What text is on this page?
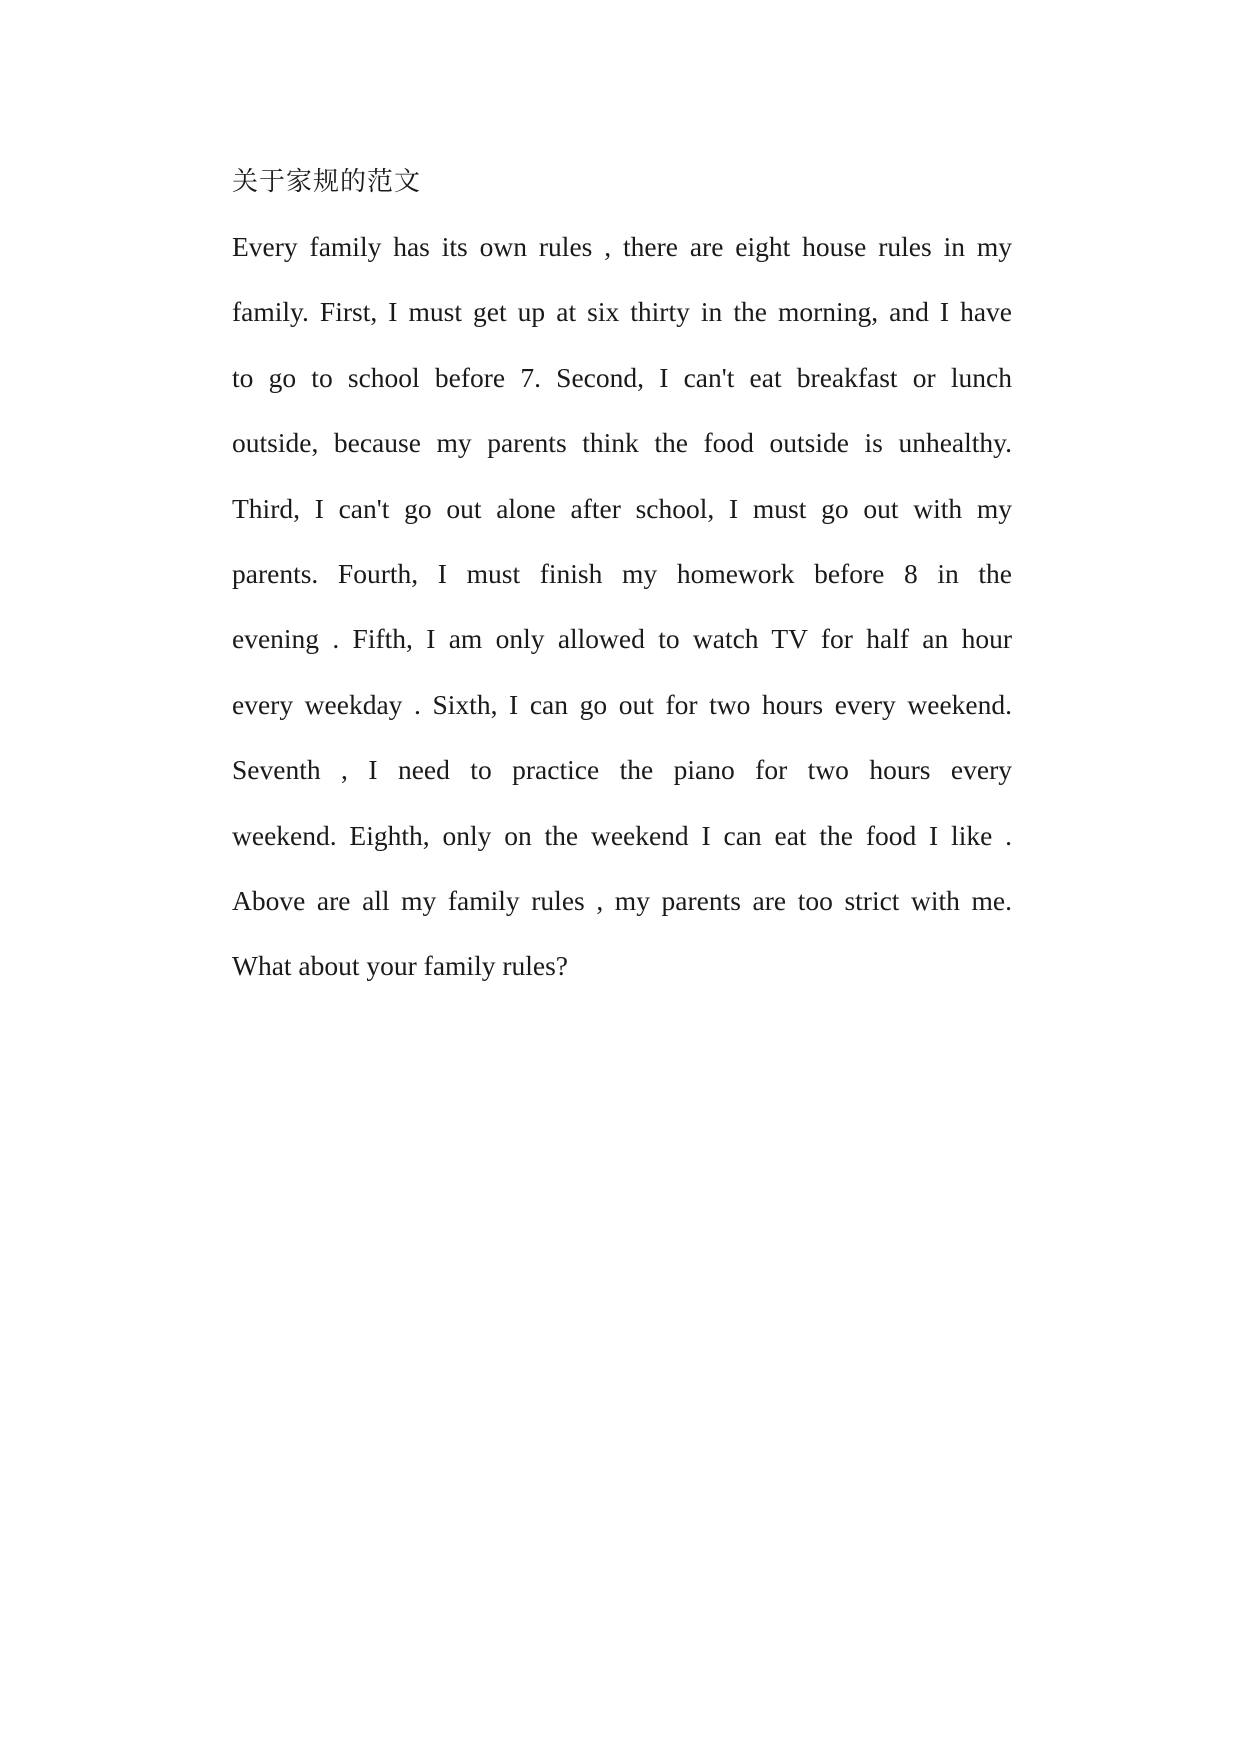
关于家规的范文
Every family has its own rules , there are eight house rules in my
family. First, I must get up at six thirty in the morning, and I have
to go to school before 7. Second, I can't eat breakfast or lunch
outside, because my parents think the food outside is unhealthy.
Third, I can't go out alone after school, I must go out with my
parents. Fourth, I must finish my homework before 8 in the
evening . Fifth, I am only allowed to watch TV for half an hour
every weekday . Sixth, I can go out for two hours every weekend.
Seventh , I need to practice the piano for two hours every
weekend. Eighth, only on the weekend I can eat the food I like .
Above are all my family rules , my parents are too strict with me.
What about your family rules?
